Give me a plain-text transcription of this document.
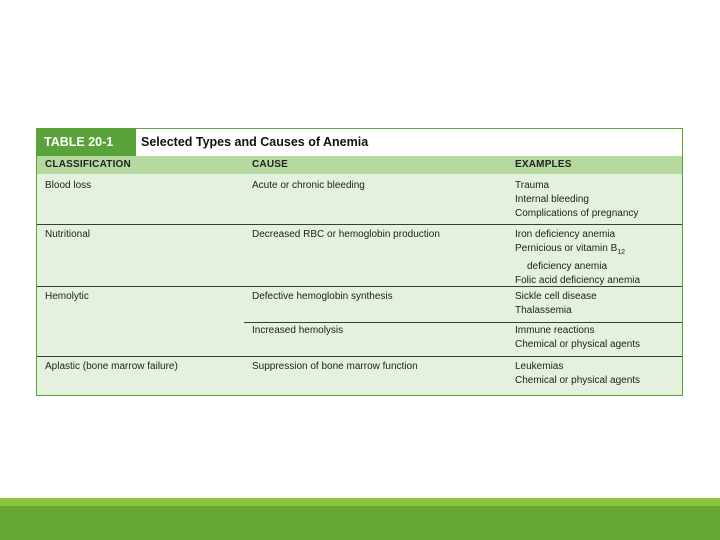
TABLE 20-1	Selected Types and Causes of Anemia
CLASSIFICATION	CAUSE	EXAMPLES
Blood loss	Acute or chronic bleeding	Trauma
Internal bleeding
Complications of pregnancy
Nutritional	Decreased RBC or hemoglobin production	Iron deficiency anemia
Pernicious or vitamin $B_{12}$
deficiency anemia
Folic acid deficiency anemia
Hemolytic	Defective hemoglobin synthesis	Sickle cell disease
Thalassemia
Increased hemolysis	Immune reactions
Chemical or physical agents
Aplastic (bone marrow failure)	Suppression of bone marrow function	Leukemias
Chemical or physical agents
